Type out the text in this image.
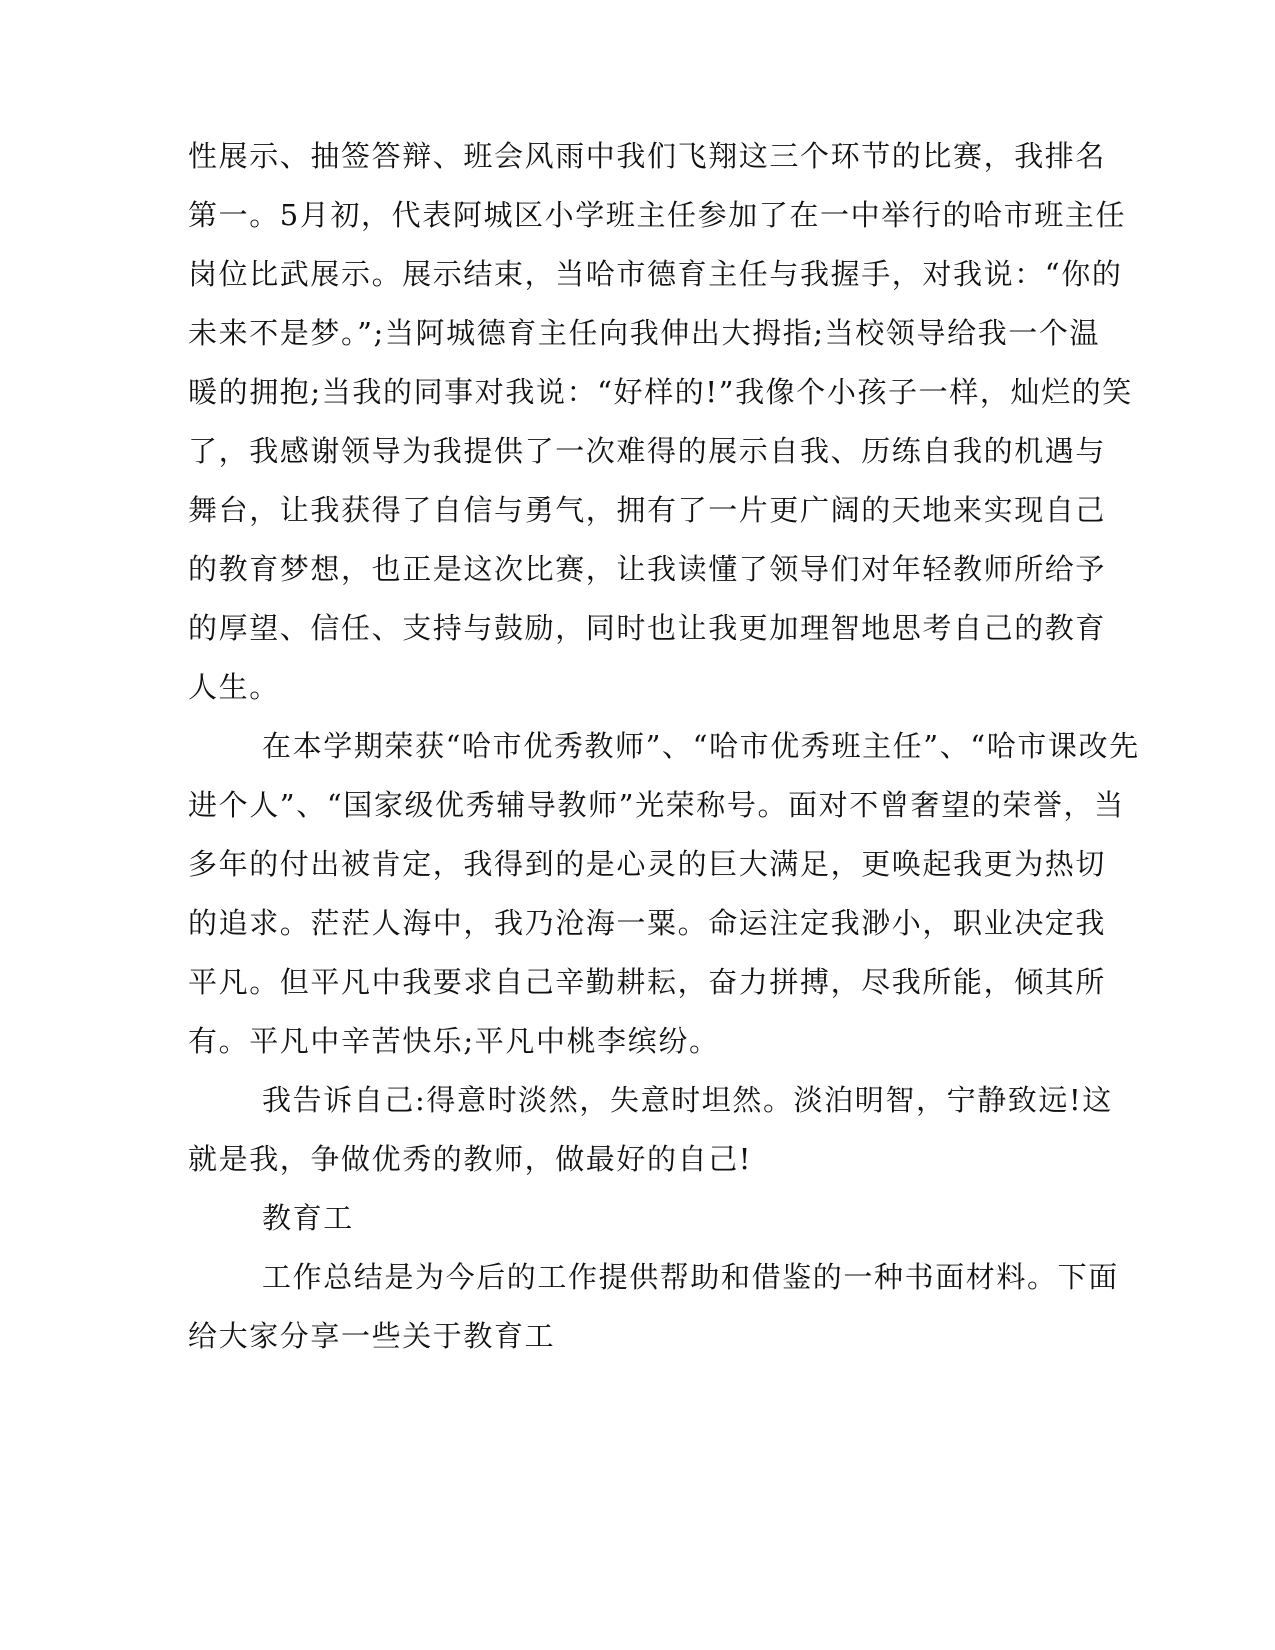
性展示、抽签答辩、班会风雨中我们飞翔这三个环节的比赛，我排名
第一。5月初，代表阿城区小学班主任参加了在一中举行的哈市班主任
岗位比武展示。展示结束，当哈市德育主任与我握手，对我说：“你的
未来不是梦。”;当阿城德育主任向我伸出大拇指;当校领导给我一个温
暖的拥抱;当我的同事对我说：“好样的!”我像个小孩子一样，灿烂的笑
了，我感谢领导为我提供了一次难得的展示自我、历练自我的机遇与
舞台，让我获得了自信与勇气，拥有了一片更广阔的天地来实现自己
的教育梦想，也正是这次比赛，让我读懂了领导们对年轻教师所给予
的厚望、信任、支持与鼓励，同时也让我更加理智地思考自己的教育
人生。
在本学期荣获“哈市优秀教师”、“哈市优秀班主任”、“哈市课改先
进个人”、“国家级优秀辅导教师”光荣称号。面对不曾奢望的荣誉，当
多年的付出被肯定，我得到的是心灵的巨大满足，更唤起我更为热切
的追求。茫茫人海中，我乃沧海一粟。命运注定我渺小，职业决定我
平凡。但平凡中我要求自己辛勤耕耘，奋力拼搏，尽我所能，倾其所
有。平凡中辛苦快乐;平凡中桃李缤纷。
我告诉自己:得意时淡然，失意时坦然。淡泊明智，宁静致远!这
就是我，争做优秀的教师，做最好的自己!
教育工
工作总结是为今后的工作提供帮助和借鉴的一种书面材料。下面
给大家分享一些关于教育工
